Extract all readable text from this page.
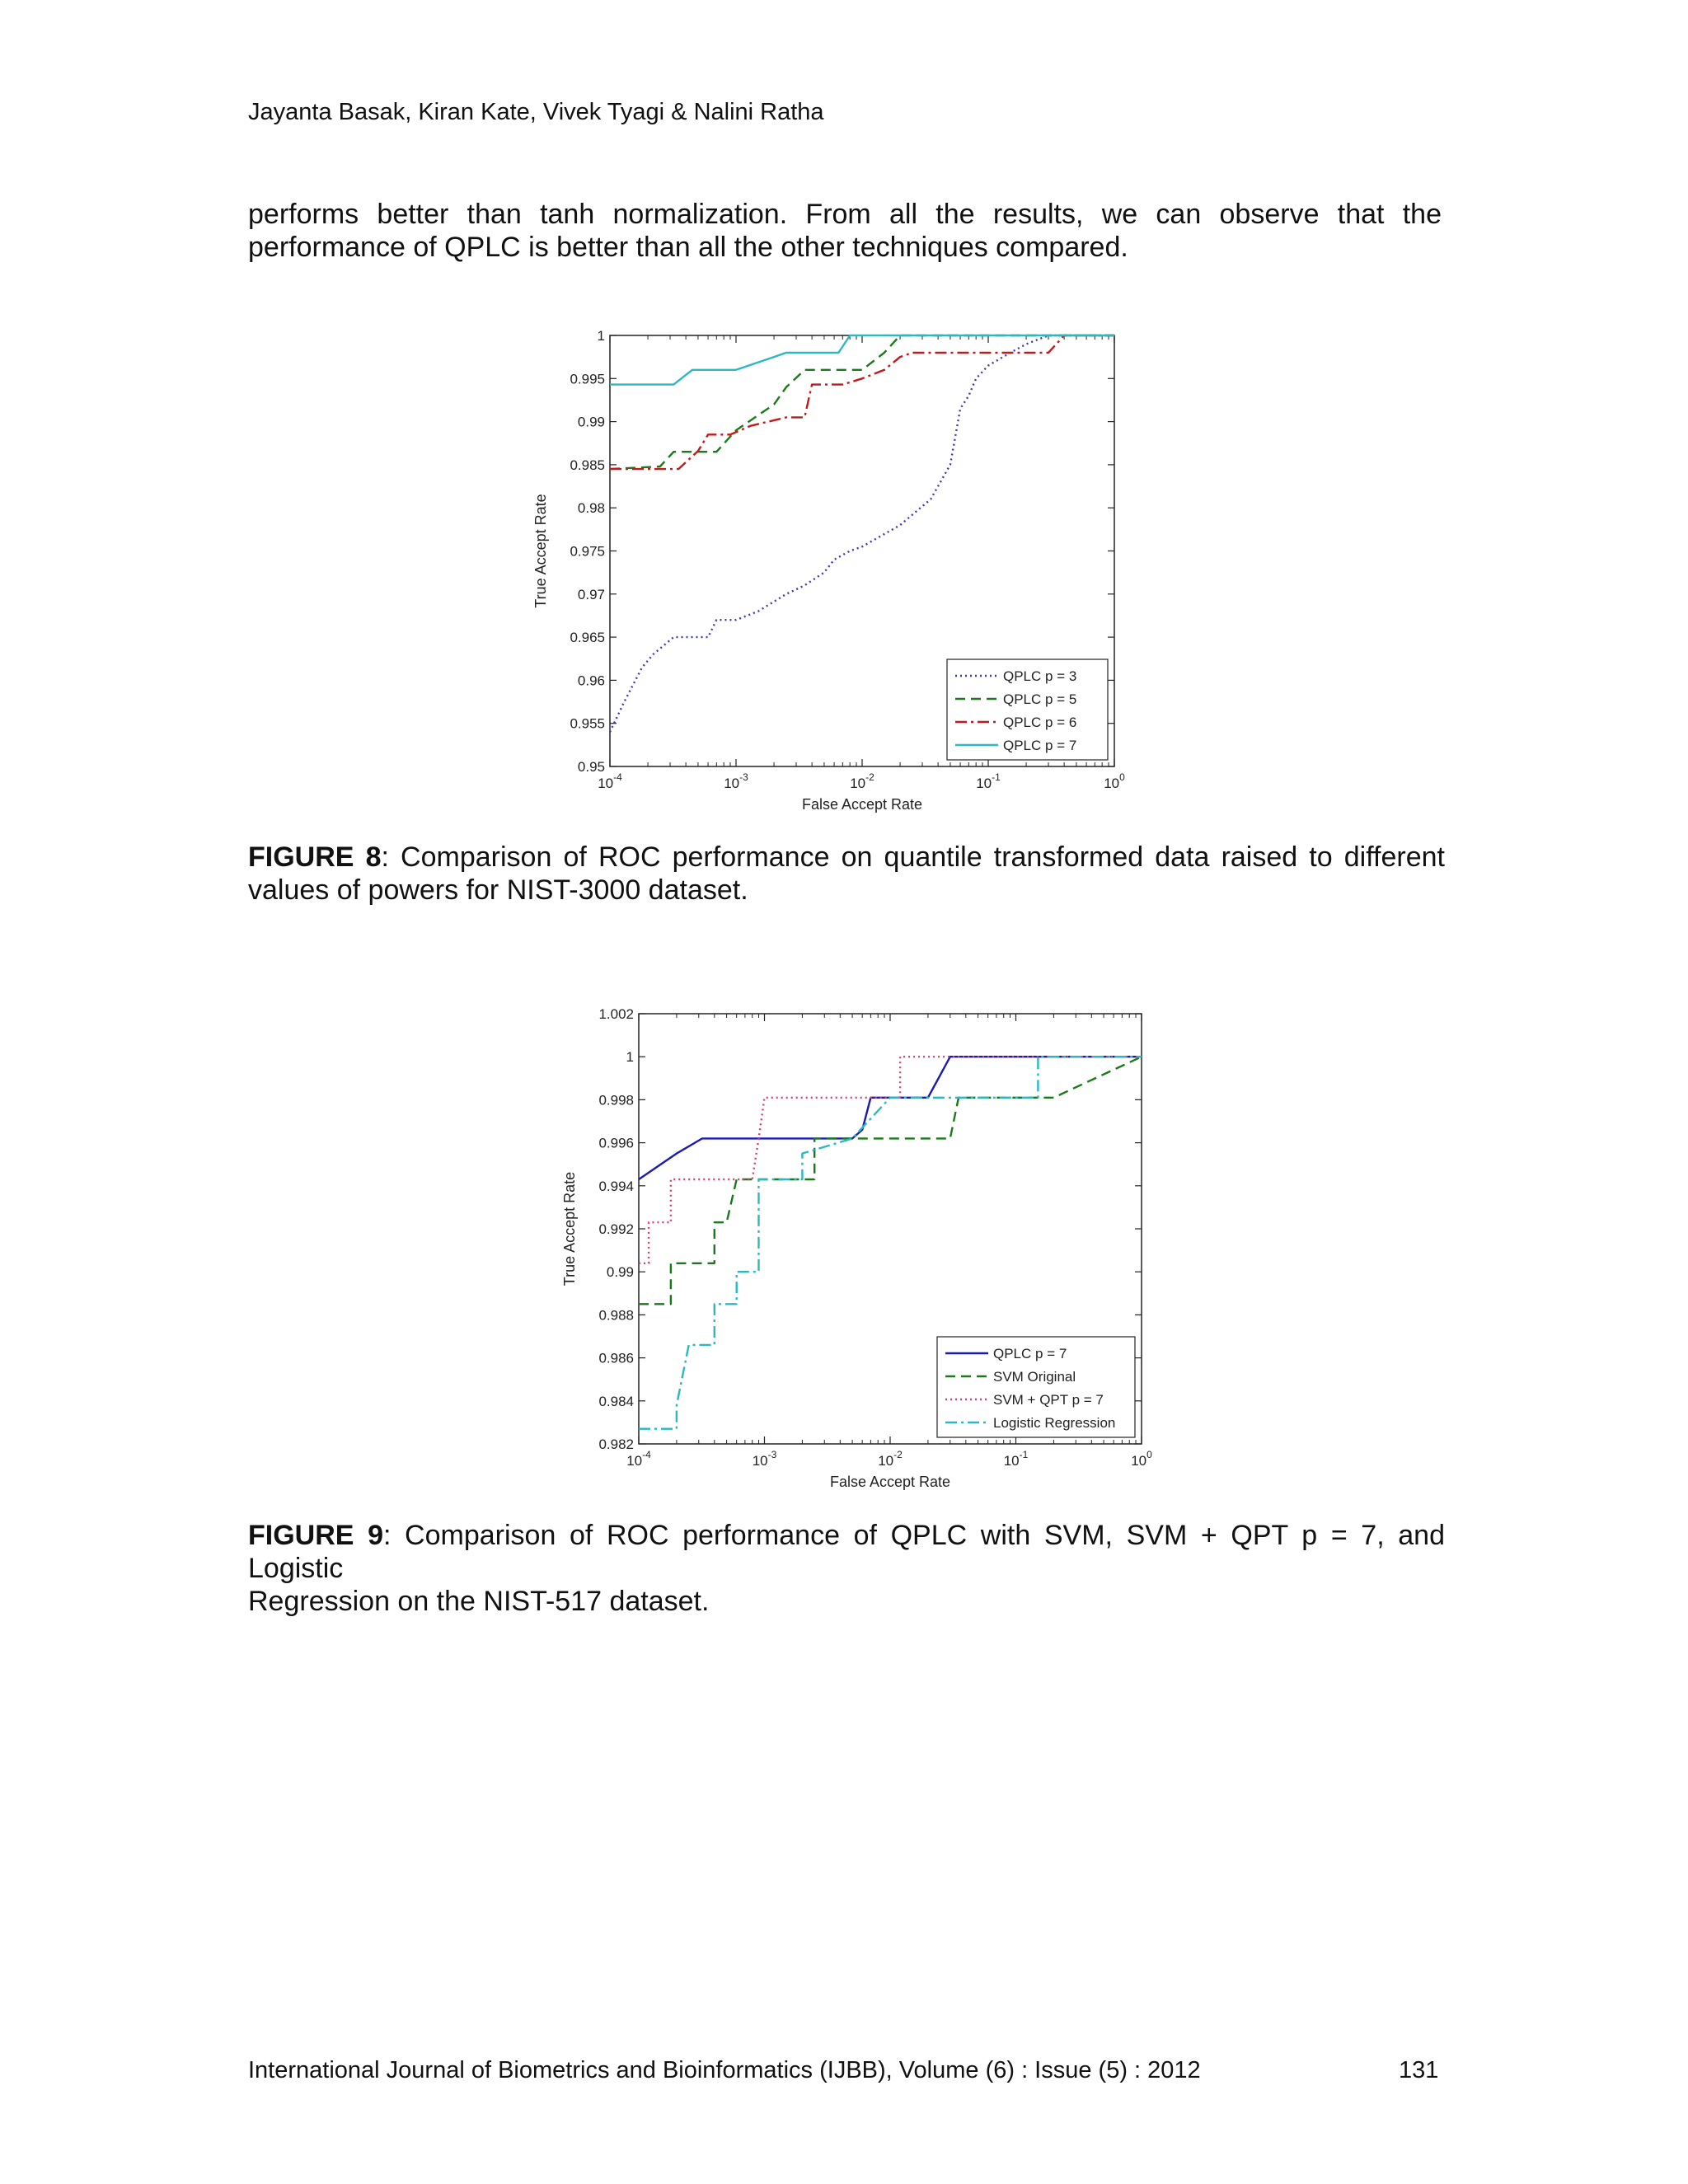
Jayanta Basak, Kiran Kate, Vivek Tyagi & Nalini Ratha
performs better than tanh normalization. From all the results, we can observe that the
performance of QPLC is better than all the other techniques compared.
1
0.995
0.99
0.985
0.98
0.975
0.97
0.965
0.96
0.955
0.95
$10^{-4}$	$10^{-3}$	$10^{-2}$	$10^{-1}$	$10^0$
False Accept Rate
True Accept Rate
QPLC p = 3
QPLC p = 5
QPLC p = 6
QPLC p = 7
FIGURE 8: Comparison of ROC performance on quantile transformed data raised to different
values of powers for NIST-3000 dataset.
1.002
1
0.998
0.996
0.994
0.992
0.99
0.988
0.986
0.984
0.982
$10^{-4}$	$10^{-3}$	$10^{-2}$	$10^{-1}$	$10^0$
False Accept Rate
True Accept Rate
QPLC p = 7
SVM Original
SVM + QPT p = 7
Logistic Regression
FIGURE 9: Comparison of ROC performance of QPLC with SVM, SVM + QPT p = 7, and Logistic
Regression on the NIST-517 dataset.
International Journal of Biometrics and Bioinformatics (IJBB), Volume (6) : Issue (5) : 2012	131
